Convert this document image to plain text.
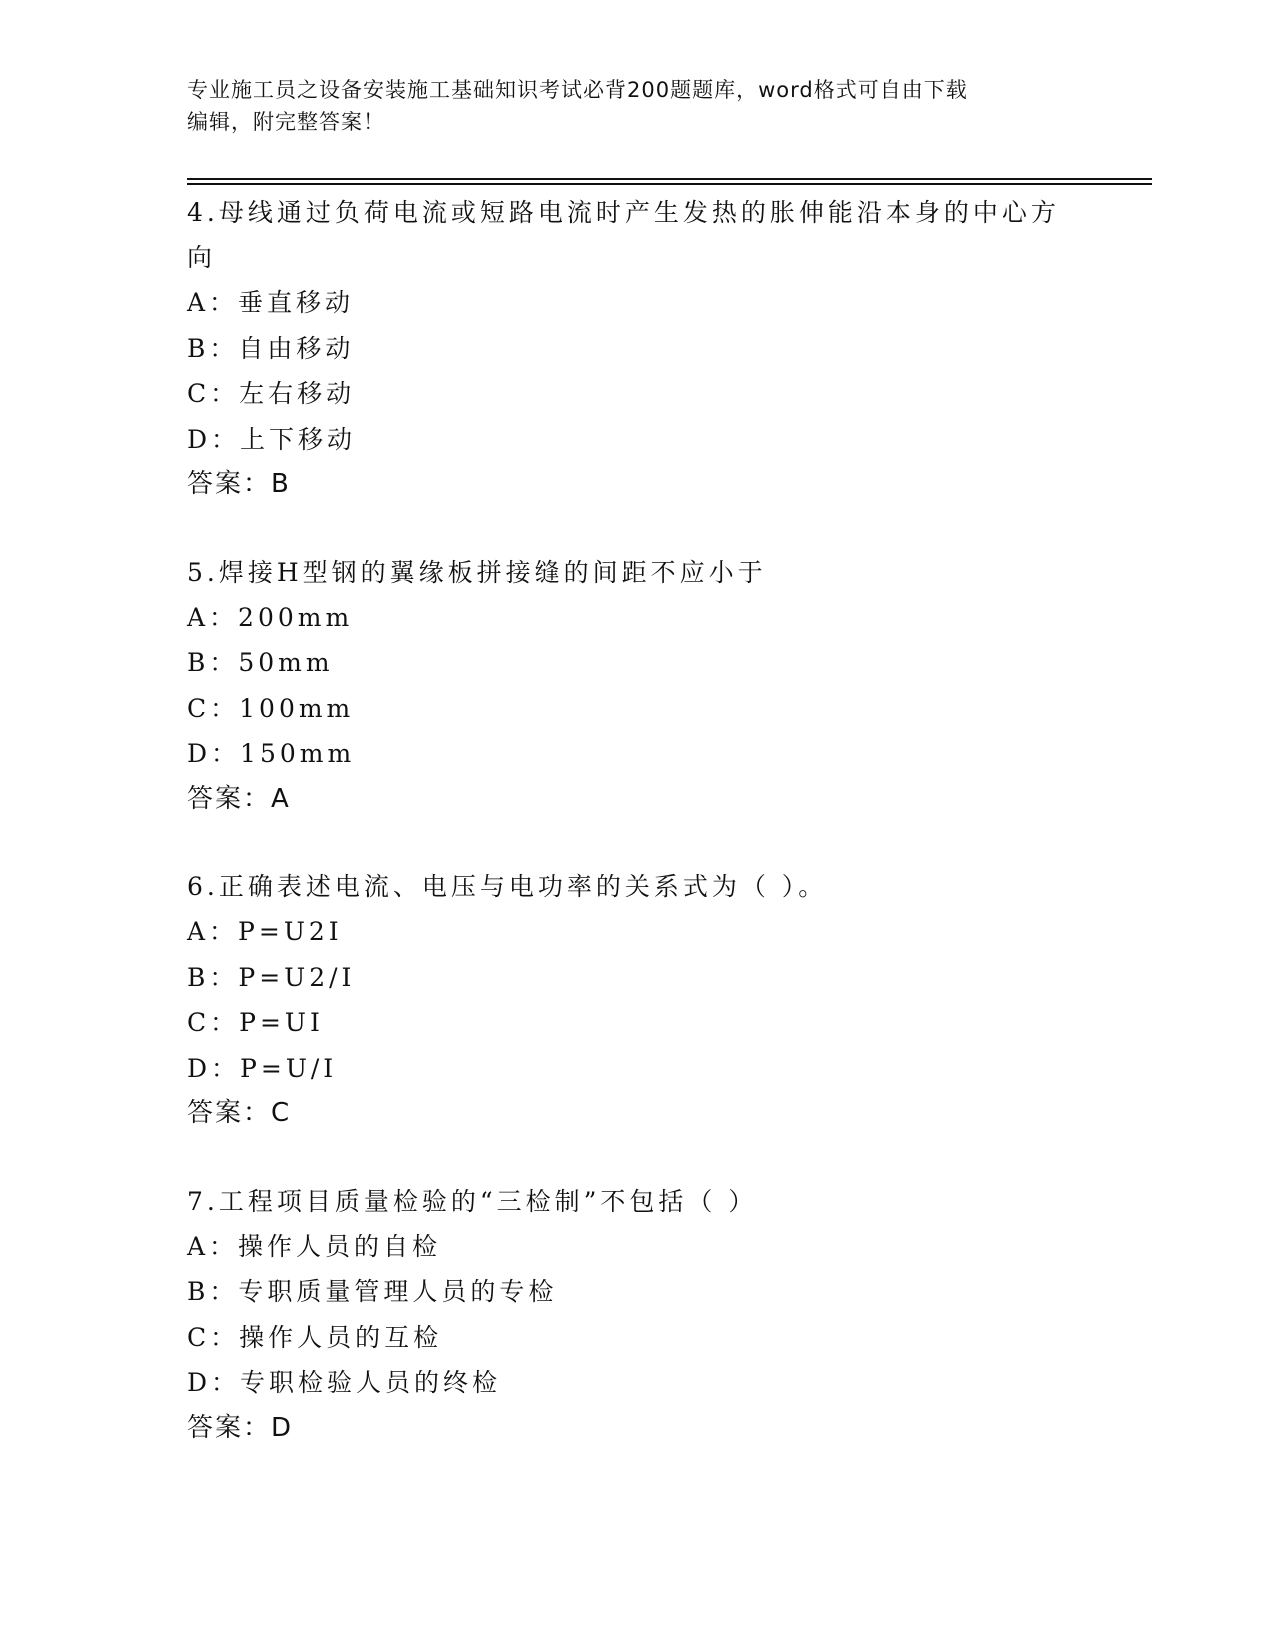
专业施工员之设备安装施工基础知识考试必背200题题库，word格式可自由下载
编辑，附完整答案！
4.母线通过负荷电流或短路电流时产生发热的胀伸能沿本身的中心方
向
A：垂直移动
B：自由移动
C：左右移动
D：上下移动
答案：B
5.焊接H型钢的翼缘板拼接缝的间距不应小于
A：200mm
B：50mm
C：100mm
D：150mm
答案：A
6.正确表述电流、电压与电功率的关系式为（ ）。
A：P=U2I
B：P=U2/I
C：P=UI
D：P=U/I
答案：C
7.工程项目质量检验的“三检制”不包括（ ）
A：操作人员的自检
B：专职质量管理人员的专检
C：操作人员的互检
D：专职检验人员的终检
答案：D
